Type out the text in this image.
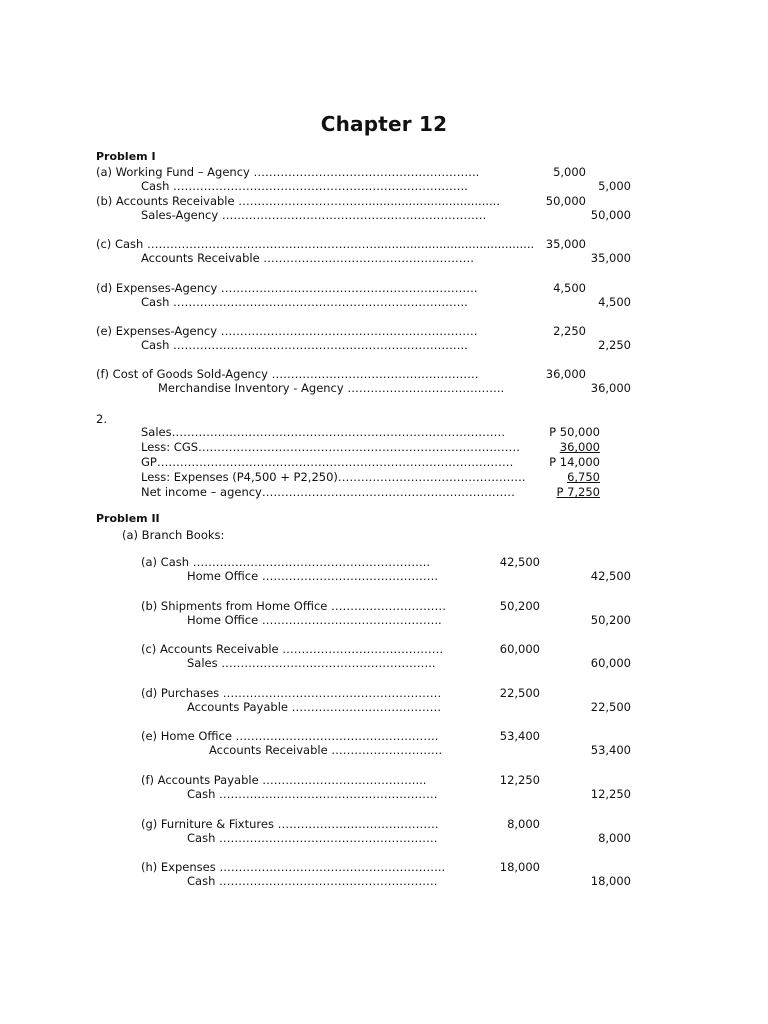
Chapter 12
Problem I
(a) Working Fund – Agency …………………………………………………..	5,000
Cash …………………………………………………………………..	5,000
(b) Accounts Receivable …………………………….....................................	50,000
Sales-Agency ……………………………………………………………	50,000
(c) Cash ……………………………………………………...........................................	35,000
Accounts Receivable ……………………………………………….	35,000
(d) Expenses-Agency ………………………………………………………….	4,500
Cash …………………………………………………………………..	4,500
(e) Expenses-Agency ………………………………………………………….	2,250
Cash …………………………………………………………………..	2,250
(f) Cost of Goods Sold-Agency ………………………………………………	36,000
Merchandise Inventory - Agency …………………………………..	36,000
2.
Sales……………………………………………………………………………	P 50,000
Less: CGS…………………………………………………………………………	36,000
GP…………………………………………………………………………………	P 14,000
Less: Expenses (P4,500 + P2,250)………………………………………….	6,750
Net income – agency…………………………………………………………	P 7,250
Problem II
(a) Branch Books:
(a) Cash ……………………………………………………..	42,500
Home Office ……………………………………….	42,500
(b) Shipments from Home Office …………………………	50,200
Home Office ………………………………………..	50,200
(c) Accounts Receivable ……………………………………	60,000
Sales ………………………………………………..	60,000
(d) Purchases …………………………………………………	22,500
Accounts Payable …………………………………	22,500
(e) Home Office ……………………………………………..	53,400
Accounts Receivable ………………………..	53,400
(f) Accounts Payable …………………………………....	12,250
Cash …………………………………………………	12,250
(g) Furniture & Fixtures ……………………………………	8,000
Cash …………………………………………………	8,000
(h) Expenses …………………………………………………..	18,000
Cash …………………………………………………	18,000
